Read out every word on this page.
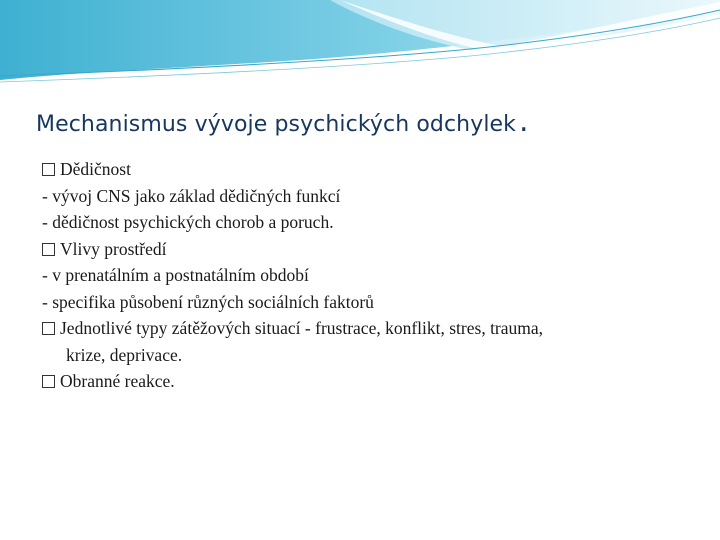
Mechanismus vývoje psychických odchylek .
Dědičnost
- vývoj CNS jako základ dědičných funkcí
- dědičnost psychických chorob a poruch.
Vlivy prostředí
- v prenatálním a postnatálním období
- specifika působení různých sociálních faktorů
Jednotlivé typy zátěžových situací - frustrace, konflikt, stres, trauma,
krize, deprivace.
Obranné reakce.
